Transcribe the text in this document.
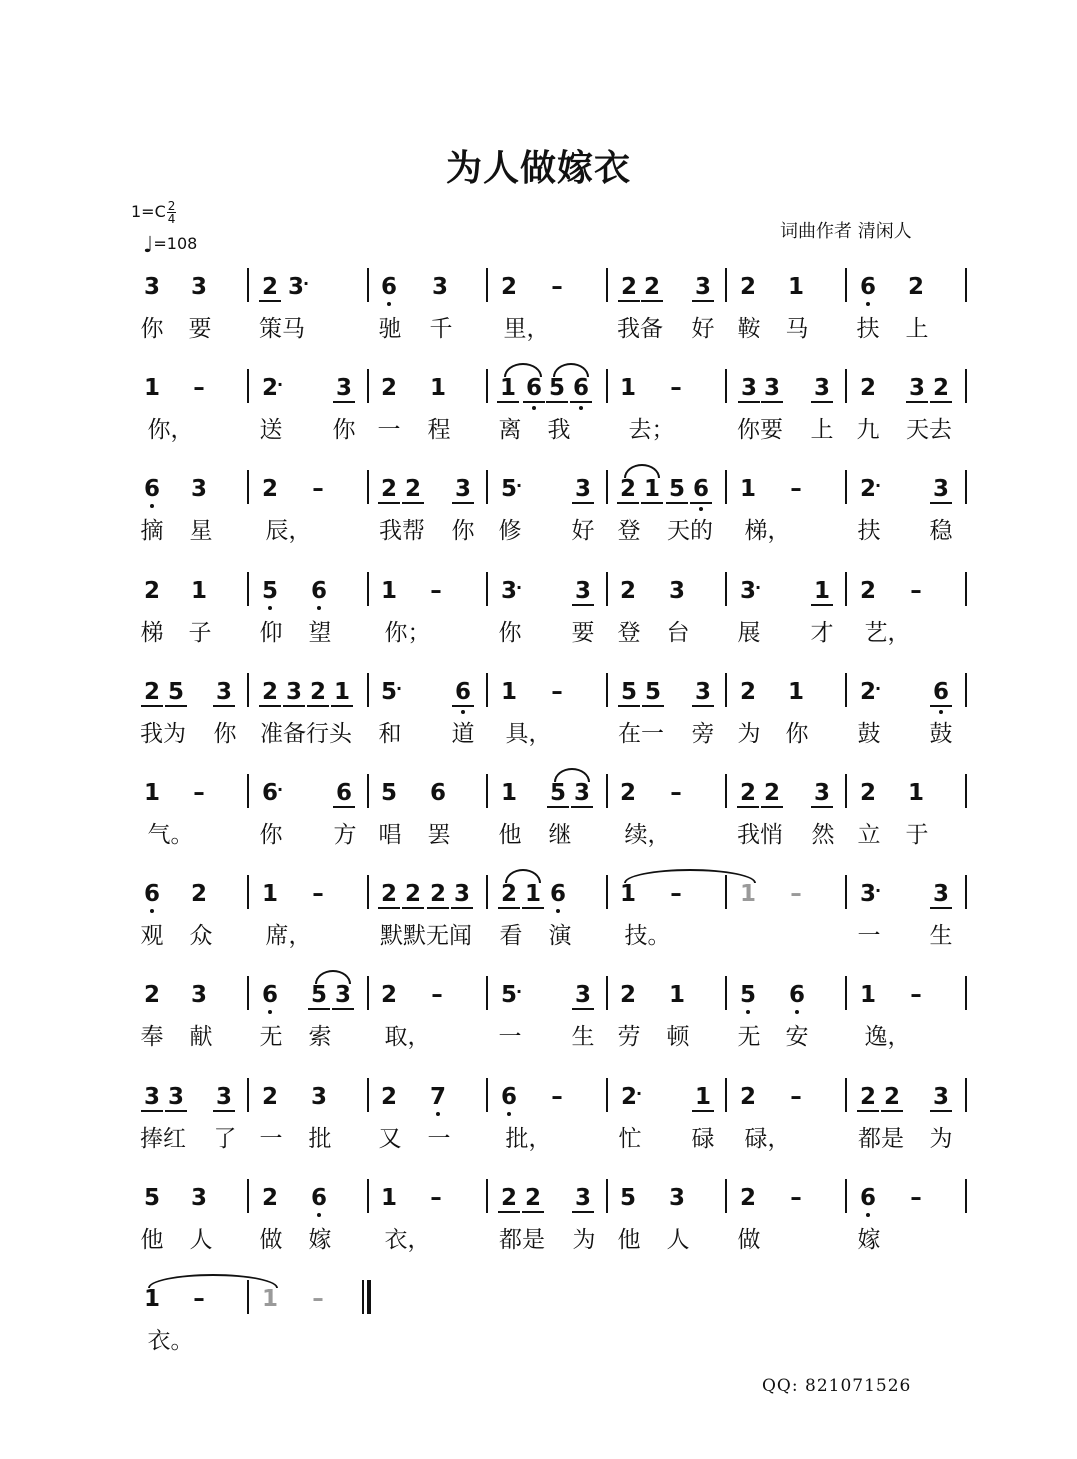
为人做嫁衣
$1=C \frac{2}{4}$
♩=108
词曲作者 清闲人
3 3 2 3 ·	6 3 2	–	2 2 3 2 1 6 2
你 要 策马	驰 千 里，	我备 好 鞍 马 扶 上
1	–	2 · 3 2 1 1 6 5 6 1	–	3 3 3 2 3 2
你，	送 你 一 程 离 我	去；	你要 上 九 天去
6 3 2	–	2 2 3 5 · 3 2 1 5 6 1	–	2 · 3
摘 星 辰，	我帮 你 修 好 登 天的 梯，	扶 稳
2 1 5 6 1	–	3 · 3 2 3 3 · 1 2	–
梯 子 仰 望 你；	你 要 登 台 展 才 艺，
2 5 3 2 3 2 1 5 · 6 1	–	5 5 3 2 1 2 · 6
我为 你 准备行头 和 道 具，	在一 旁 为 你 鼓 鼓
1	–	6 · 6 5 6 1 5 3 2	–	2 2 3 2 1
气。	你 方 唱 罢 他 继 续，	我悄 然 立 于
6 2 1	–	2 2 2 3 2 1 6 1	–	1	–	3 · 3
观 众 席，	默默无闻 看 演 技。	一 生
2 3 6 5 3 2	–	5 · 3 2 1 5 6 1	–
奉 献 无 索 取，	一 生 劳 顿 无 安 逸，
3 3 3 2 3 2 7 6	–	2 · 1 2	–	2 2 3
捧红 了 一 批 又 一 批，	忙 碌 碌，	都是 为
5 3 2 6 1	–	2 2 3 5 3 2	–	6	–
他 人 做 嫁 衣，	都是 为 他 人 做	嫁
1	–	1	–
衣。
QQ: 821071526
